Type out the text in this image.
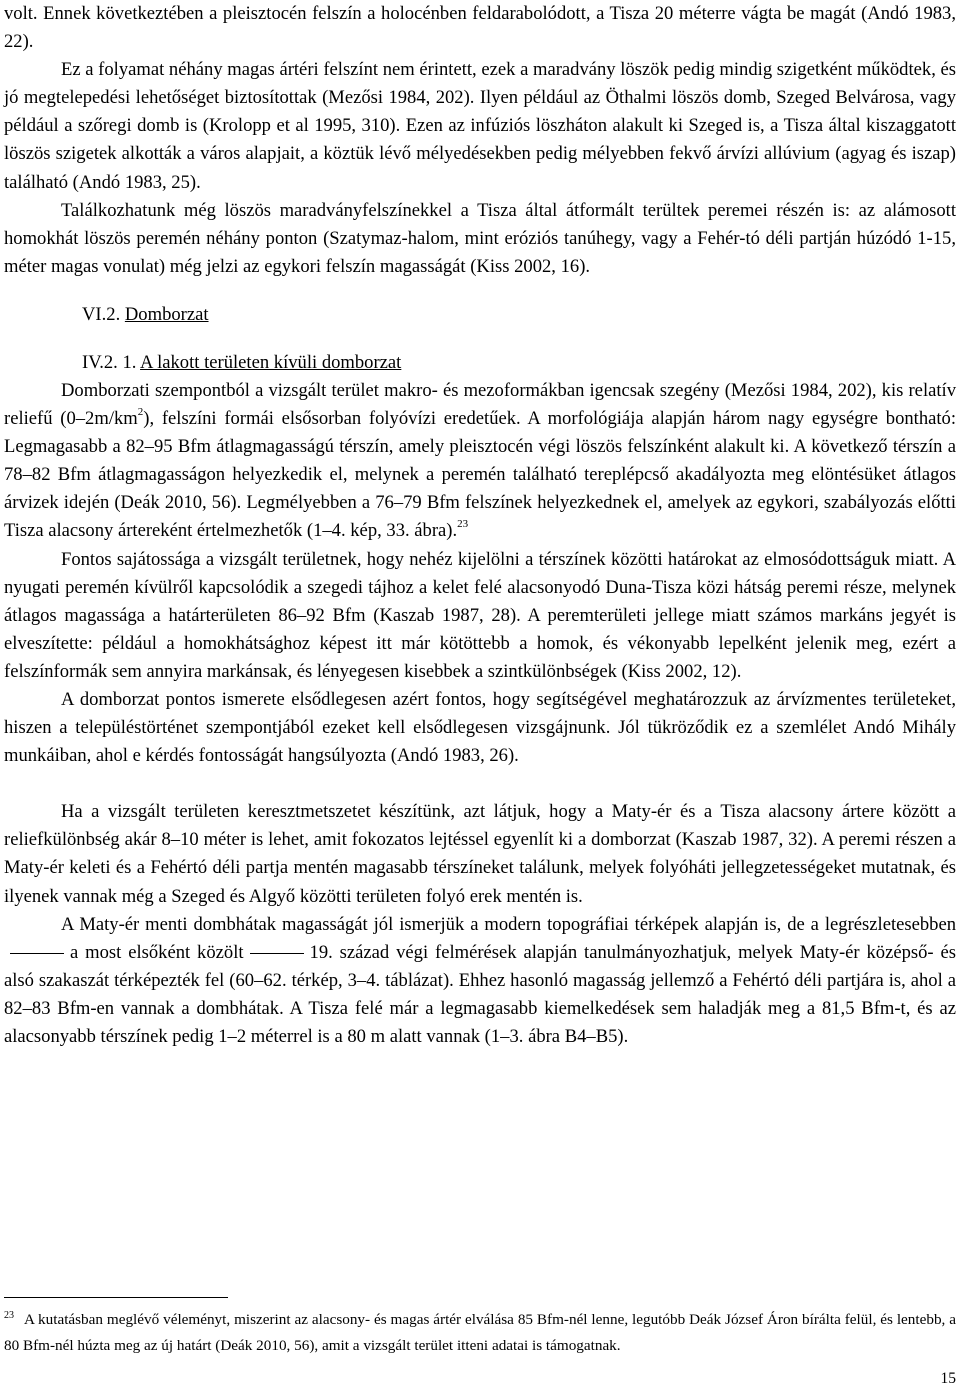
volt. Ennek következtében a pleisztocén felszín a holocénben feldarabolódott, a Tisza 20 méterre vágta be magát (Andó 1983, 22).

Ez a folyamat néhány magas ártéri felszínt nem érintett, ezek a maradvány löszök pedig mindig szigetként működtek, és jó megtelepedési lehetőséget biztosítottak (Mezősi 1984, 202). Ilyen például az Öthalmi löszös domb, Szeged Belvárosa, vagy például a szőregi domb is (Krolopp et al 1995, 310). Ezen az infúziós löszháton alakult ki Szeged is, a Tisza által kiszaggatott löszös szigetek alkották a város alapjait, a köztük lévő mélyedésekben pedig mélyebben fekvő árvízi allúvium (agyag és iszap) található (Andó 1983, 25).

Találkozhatunk még löszös maradványfelszínekkel a Tisza által átformált terültek peremei részén is: az alámosott homokhát löszös peremén néhány ponton (Szatymaz-halom, mint eróziós tanúhegy, vagy a Fehér-tó déli partján húzódó 1-15, méter magas vonulat) még jelzi az egykori felszín magasságát (Kiss 2002, 16).

VI.2. Domborzat
IV.2. 1. A lakott területen kívüli domborzat

Domborzati szempontból a vizsgált terület makro- és mezoformákban igencsak szegény (Mezősi 1984, 202), kis relatív reliefű $(0-2m/km^2)$, felszíni formái elsősorban folyóvízi eredetűek. A morfológiája alapján három nagy egységre bontható: Legmagasabb a 82–95 Bfm átlagmagasságú térszín, amely pleisztocén végi löszös felszínként alakult ki. A következő térszín a 78–82 Bfm átlagmagasságon helyezkedik el, melynek a peremén található tereplépcső akadályozta meg elöntésüket átlagos árvizek idején (Deák 2010, 56). Legmélyebben a 76–79 Bfm felszínek helyezkednek el, amelyek az egykori, szabályozás előtti Tisza alacsony ártereként értelmezhetők (1–4. kép, 33. ábra).$^{23}$

Fontos sajátossága a vizsgált területnek, hogy nehéz kijelölni a térszínek közötti határokat az elmosódottságuk miatt. A nyugati peremén kívülről kapcsolódik a szegedi tájhoz a kelet felé alacsonyodó Duna-Tisza közi hátság peremi része, melynek átlagos magassága a határterületen 86–92 Bfm (Kaszab 1987, 28). A peremterületi jellege miatt számos markáns jegyét is elveszítette: például a homokhátsághoz képest itt már kötöttebb a homok, és vékonyabb lepelként jelenik meg, ezért a felszínformák sem annyira markánsak, és lényegesen kisebbek a szintkülönbségek (Kiss 2002, 12).

A domborzat pontos ismerete elsődlegesen azért fontos, hogy segítségével meghatározzuk az árvízmentes területeket, hiszen a településtörténet szempontjából ezeket kell elsődlegesen vizsgájnunk. Jól tükröződik ez a szemlélet Andó Mihály munkáiban, ahol e kérdés fontosságát hangsúlyozta (Andó 1983, 26).

Ha a vizsgált területen keresztmetszetet készítünk, azt látjuk, hogy a Maty-ér és a Tisza alacsony ártere között a reliefkülönbség akár 8–10 méter is lehet, amit fokozatos lejtéssel egyenlít ki a domborzat (Kaszab 1987, 32). A peremi részen a Maty-ér keleti és a Fehértó déli partja mentén magasabb térszíneket találunk, melyek folyóháti jellegzetességeket mutatnak, és ilyenek vannak még a Szeged és Algyő közötti területen folyó erek mentén is.

A Maty-ér menti dombhátak magasságát jól ismerjük a modern topográfiai térképek alapján is, de a legrészletesebbena most elsőként közölt	19. század végi felmérések alapján tanulmányozhatjuk, melyek Maty-ér középső- és alsó szakaszát térképezték fel (60–62. térkép, 3–4. táblázat). Ehhez hasonló magasság jellemző a Fehértó déli partjára is, ahol a 82–83 Bfm-en vannak a dombhátak. A Tisza felé már a legmagasabb kiemelkedések sem haladják meg a 81,5 Bfm-t, és az alacsonyabb térszínek pedig 1–2 méterrel is a 80 m alatt vannak (1–3. ábra B4–B5).

$^{23}$ A kutatásban meglévő véleményt, miszerint az alacsony- és magas ártér elválása 85 Bfm-nél lenne, legutóbb Deák József Áron bírálta felül, és lentebb, a 80 Bfm-nél húzta meg az új határt (Deák 2010, 56), amit a vizsgált terület itteni adatai is támogatnak.

15
